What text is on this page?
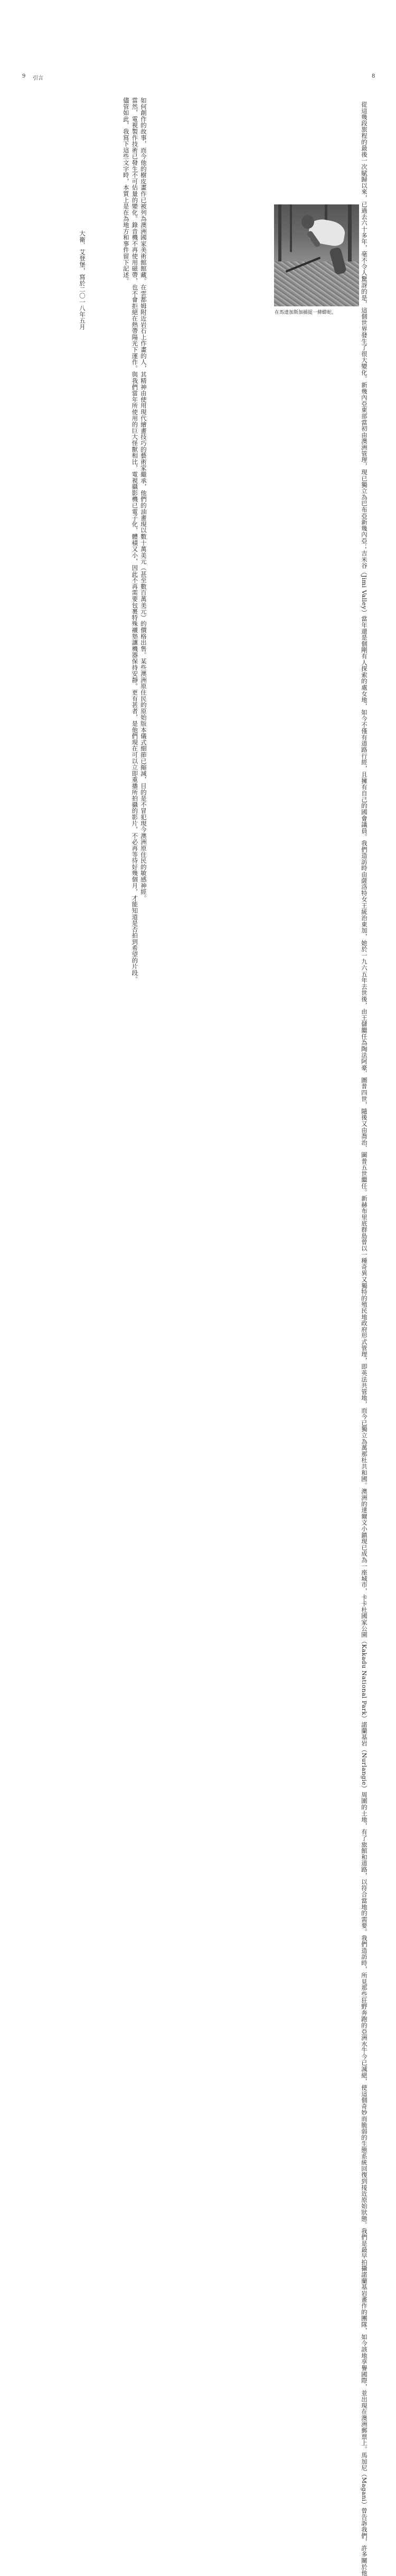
9 引言

如何創作的故事，而今他的樹皮畫作已被列為澳洲國家美術館館藏。在雲都姆附近岩石上作畫的人，其精神由使用現代繪畫技巧的藝術家繼承，他們的油畫現以數十萬美元（甚至數百萬美元）的價格出售。某些澳洲原住民的原始版本儀式細節已縮減，目的是不冒犯現今澳洲原住民的敏感神經。

當然，電視製作技術已發生不可估量的變化。錄音機不再使用磁帶，也不會拒絕在熱帶陽光下運作。與我們當年所使用的巨大怪獸相比，電視攝影機已電子化，體積又小，因此不再需要包裹特殊襯墊讓機器保持安靜。更有甚者，是他們現在可以立即重播所拍攝的影片，不必再等待好幾個月，才能知道是否拍到希望的片段。

儘管如此，我寫下這些文字時，本質上是在為地方和事件留下記述。

大衛．艾登堡，寫於二〇一八年五月
8

從這幾段旅程的最後一次賦歸以來，已過去六十多年，毫不令人驚訝的是，這個世界發生了很大變化。新幾內亞東部當初由澳洲管理，現已獨立為巴布亞新幾內亞；吉米谷（Jimi Valley）當年還是個剛有人探索的處女地，如今不僅有道路行經，且擁有自己的國會議員。我們造訪時由薩洛特女王統治東加，她於一九六五年去世後，由王儲繼任為陶法阿豪．圖普四世，隨後又由喬治．圖普五世繼任。新赫布里底群島曾以一種奇異又獨特的殖民地政府形式管理，即英法共管地，而今已獨立為萬那杜共和國。澳洲的達爾文小鎮現已成為一座城市，卡卡杜國家公園（Kakadu National Park）諾蘭基岩（Nurlangie）周圍的土地，有了旅館和道路，以符合當地的需要。我們造訪時，所見那些狂野奔跑的亞洲水牛今已滅絕，使這個奇妙而脆弱的生態系統回復到接近原始狀態。我們是最早拍攝諾蘭基岩畫作的團隊，如今該地享譽國際，並出現在澳洲郵票上。馬加尼（Magani）曾告訴我們，許多關於他

在馬達加斯加捕捉一條蟒蛇。
